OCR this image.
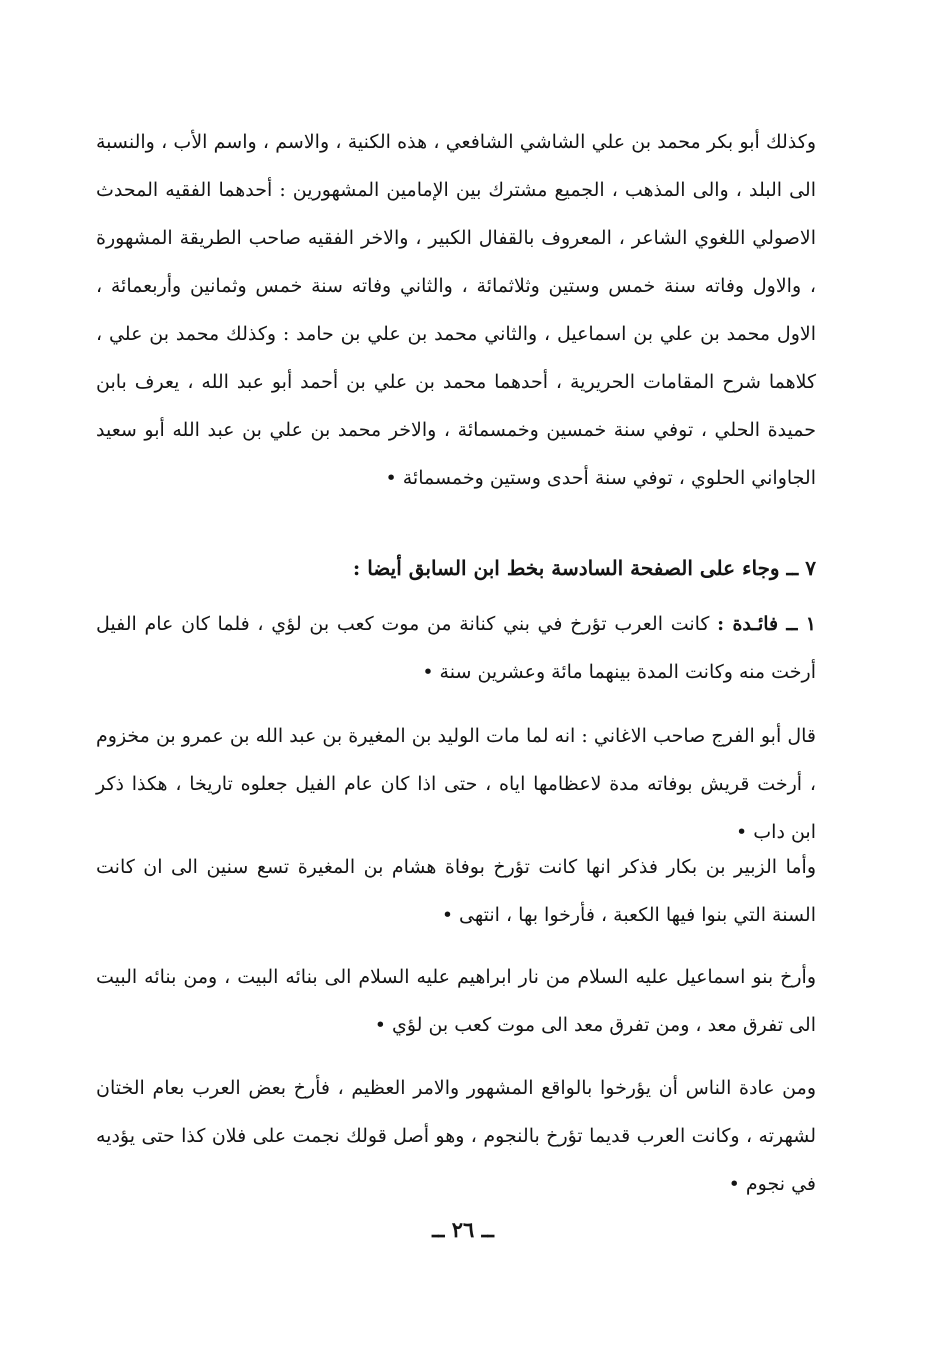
وكذلك أبو بكر محمد بن علي الشاشي الشافعي ، هذه الكنية ، والاسم ، واسم الأب ، والنسبة الى البلد ، والى المذهب ، الجميع مشترك بين الإمامين المشهورين : أحدهما الفقيه المحدث الاصولي اللغوي الشاعر ، المعروف بالقفال الكبير ، والاخر الفقيه صاحب الطريقة المشهورة ، والاول وفاته سنة خمس وستين وثلاثمائة ، والثاني وفاته سنة خمس وثمانين وأربعمائة ، الاول محمد بن علي بن اسماعيل ، والثاني محمد بن علي بن حامد : وكذلك محمد بن علي ، كلاهما شرح المقامات الحريرية ، أحدهما محمد بن علي بن أحمد أبو عبد الله ، يعرف بابن حميدة الحلي ، توفي سنة خمسين وخمسمائة ، والاخر محمد بن علي بن عبد الله أبو سعيد الجاواني الحلوي ، توفي سنة أحدى وستين وخمسمائة •
٧ ــ وجاء على الصفحة السادسة بخط ابن السابق أيضا :
١ ــ فائـدة : كانت العرب تؤرخ في بني كنانة من موت كعب بن لؤي ، فلما كان عام الفيل أرخت منه وكانت المدة بينهما مائة وعشرين سنة •
قال أبو الفرج صاحب الاغاني : انه لما مات الوليد بن المغيرة بن عبد الله بن عمرو بن مخزوم ، أرخت قريش بوفاته مدة لاعظامها اياه ، حتى اذا كان عام الفيل جعلوه تاريخا ، هكذا ذكر ابن داب •
وأما الزبير بن بكار فذكر انها كانت تؤرخ بوفاة هشام بن المغيرة تسع سنين الى ان كانت السنة التي بنوا فيها الكعبة ، فأرخوا بها ، انتهى •
وأرخ بنو اسماعيل عليه السلام من نار ابراهيم عليه السلام الى بنائه البيت ، ومن بنائه البيت الى تفرق معد ، ومن تفرق معد الى موت كعب بن لؤي •
ومن عادة الناس أن يؤرخوا بالواقع المشهور والامر العظيم ، فأرخ بعض العرب بعام الختان لشهرته ، وكانت العرب قديما تؤرخ بالنجوم ، وهو أصل قولك نجمت على فلان كذا حتى يؤديه في نجوم •
ــ ٢٦ ــ
